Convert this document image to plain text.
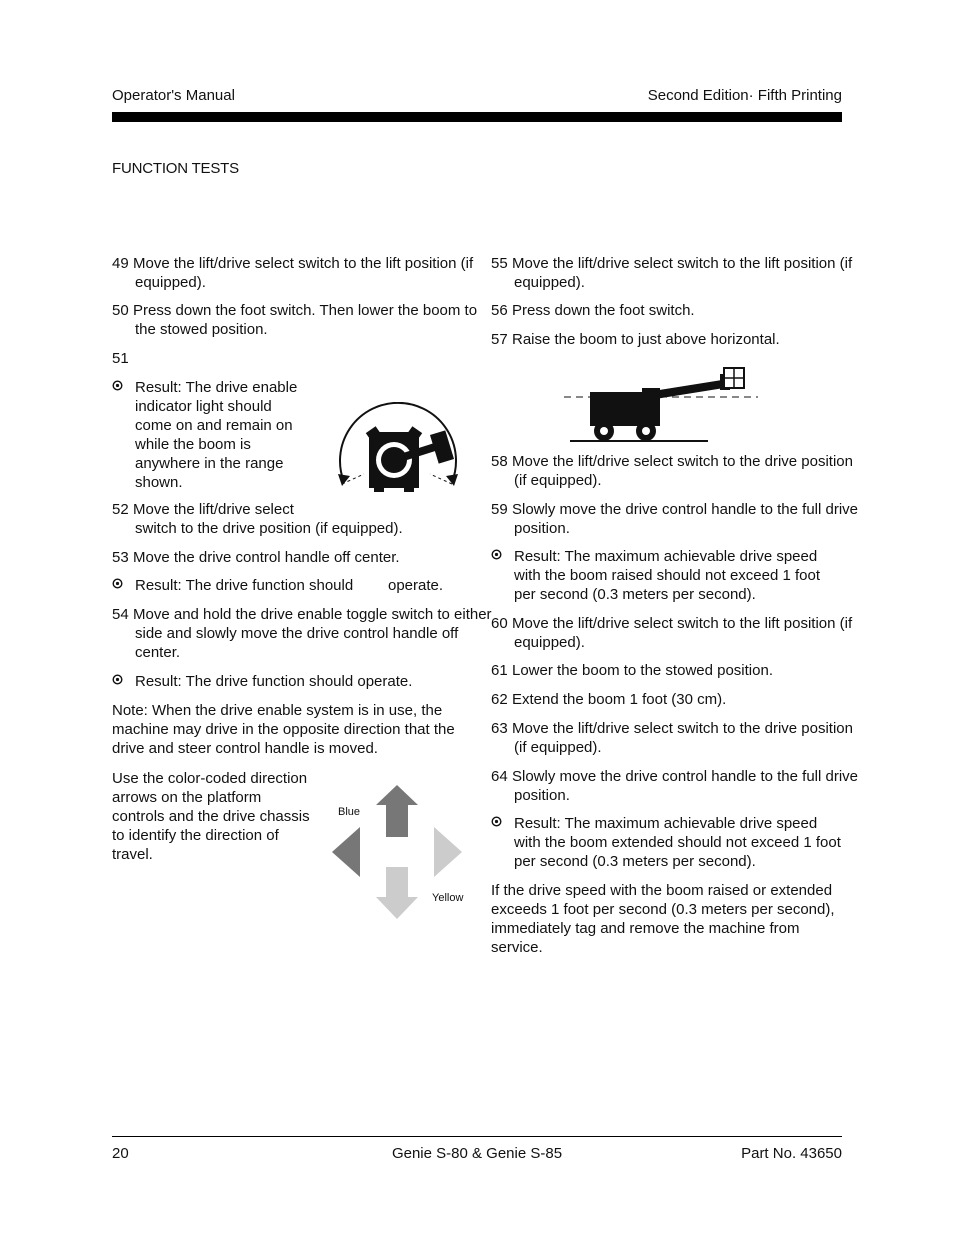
Operator's Manual	Second Edition· Fifth Printing
FUNCTION TESTS
49 Move the lift/drive select switch to the lift position (if equipped).
50 Press down the foot switch. Then lower the boom to the stowed position.
51
Result: The drive enable indicator light should come on and remain on while the boom is anywhere in the range shown.
52 Move the lift/drive select
switch to the drive position (if equipped).
53 Move the drive control handle off center.
Result: The drive function should operate.
54 Move and hold the drive enable toggle switch to either side and slowly move the drive control handle off center.
Result: The drive function should operate.
Note: When the drive enable system is in use, the machine may drive in the opposite direction that the drive and steer control handle is moved.
Use the color-coded direction arrows on the platform controls and the drive chassis to identify the direction of travel.
Blue
Yellow
55 Move the lift/drive select switch to the lift position (if equipped).
56 Press down the foot switch.
57 Raise the boom to just above horizontal.
58 Move the lift/drive select switch to the drive position (if equipped).
59 Slowly move the drive control handle to the full drive position.
Result: The maximum achievable drive speed with the boom raised should not exceed 1 foot per second (0.3 meters per second).
60 Move the lift/drive select switch to the lift position (if equipped).
61 Lower the boom to the stowed position.
62 Extend the boom 1 foot (30 cm).
63 Move the lift/drive select switch to the drive position (if equipped).
64 Slowly move the drive control handle to the full drive position.
Result: The maximum achievable drive speed with the boom extended should not exceed 1 foot per second (0.3 meters per second).
If the drive speed with the boom raised or extended exceeds 1 foot per second (0.3 meters per second), immediately tag and remove the machine from service.
20	Genie S-80 & Genie S-85	Part No. 43650
